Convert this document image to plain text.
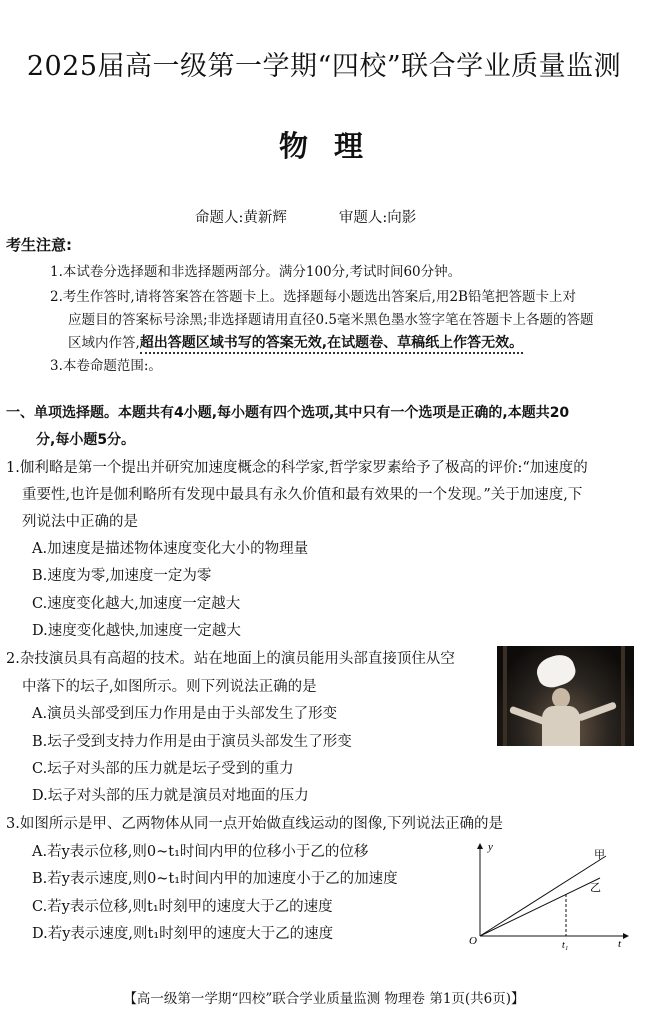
2025届高一级第一学期“四校”联合学业质量监测
物理
命题人:黄新辉	审题人:向影
考生注意:
1.本试卷分选择题和非选择题两部分。满分100分,考试时间60分钟。
2.考生作答时,请将答案答在答题卡上。选择题每小题选出答案后,用2B铅笔把答题卡上对
应题目的答案标号涂黑;非选择题请用直径0.5毫米黑色墨水签字笔在答题卡上各题的答题
区域内作答,超出答题区域书写的答案无效,在试题卷、草稿纸上作答无效。
3.本卷命题范围:。
一、单项选择题。本题共有4小题,每小题有四个选项,其中只有一个选项是正确的,本题共20
分,每小题5分。
1.伽利略是第一个提出并研究加速度概念的科学家,哲学家罗素给予了极高的评价:“加速度的
重要性,也许是伽利略所有发现中最具有永久价值和最有效果的一个发现。”关于加速度,下
列说法中正确的是
A.加速度是描述物体速度变化大小的物理量
B.速度为零,加速度一定为零
C.速度变化越大,加速度一定越大
D.速度变化越快,加速度一定越大
2.杂技演员具有高超的技术。站在地面上的演员能用头部直接顶住从空
中落下的坛子,如图所示。则下列说法正确的是
A.演员头部受到压力作用是由于头部发生了形变
B.坛子受到支持力作用是由于演员头部发生了形变
C.坛子对头部的压力就是坛子受到的重力
D.坛子对头部的压力就是演员对地面的压力
3.如图所示是甲、乙两物体从同一点开始做直线运动的图像,下列说法正确的是
A.若y表示位移,则0~t₁时间内甲的位移小于乙的位移
B.若y表示速度,则0~t₁时间内甲的加速度小于乙的加速度
C.若y表示位移,则t₁时刻甲的速度大于乙的速度
D.若y表示速度,则t₁时刻甲的速度大于乙的速度
y
t
O	t₁
甲
乙
【高一级第一学期“四校”联合学业质量监测 物理卷 第1页(共6页)】
